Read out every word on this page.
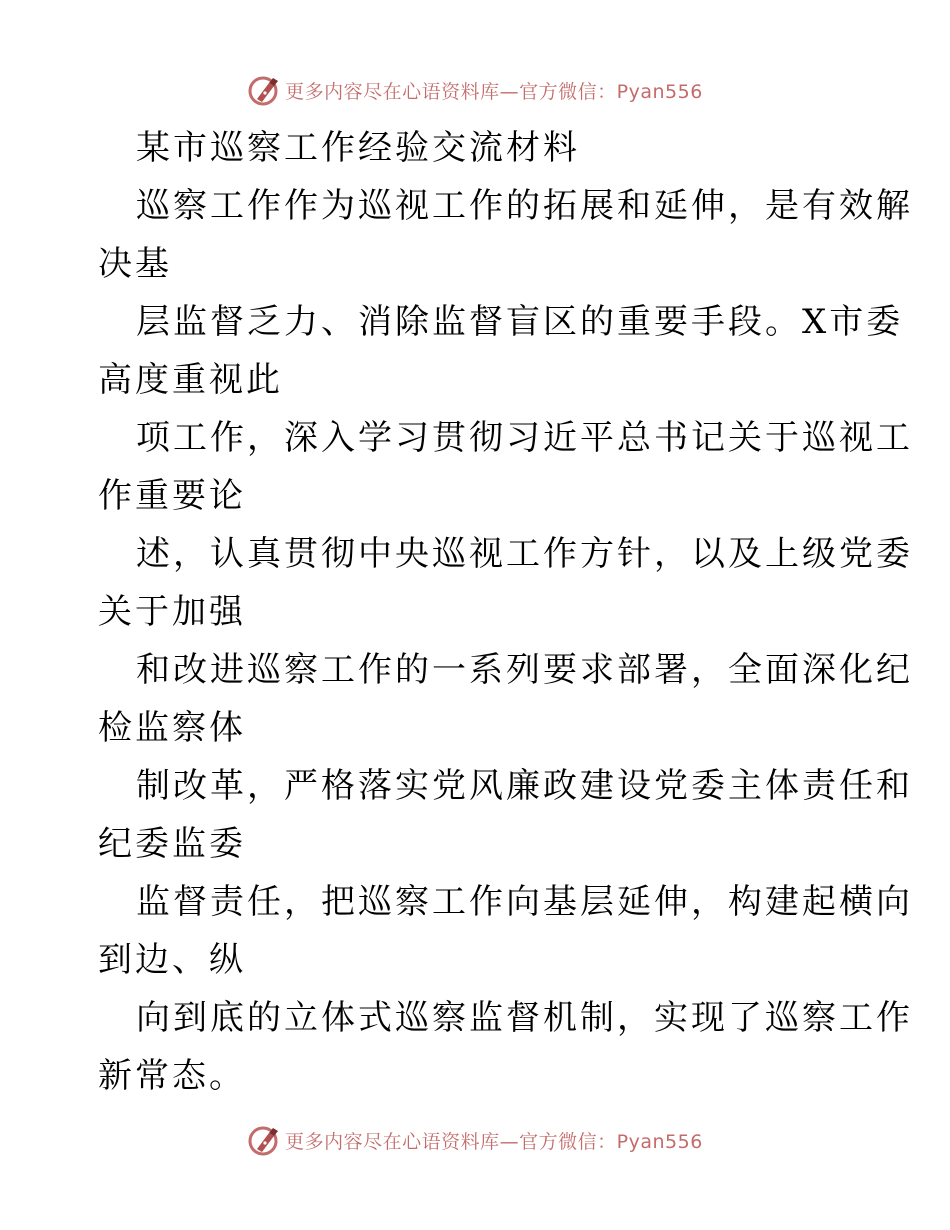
更多内容尽在心语资料库—官方微信：Pyan556
某市巡察工作经验交流材料
巡察工作作为巡视工作的拓展和延伸，是有效解
决基
层监督乏力、消除监督盲区的重要手段。X市委
高度重视此
项工作，深入学习贯彻习近平总书记关于巡视工
作重要论
述，认真贯彻中央巡视工作方针，以及上级党委
关于加强
和改进巡察工作的一系列要求部署，全面深化纪
检监察体
制改革，严格落实党风廉政建设党委主体责任和
纪委监委
监督责任，把巡察工作向基层延伸，构建起横向
到边、纵
向到底的立体式巡察监督机制，实现了巡察工作
新常态。
更多内容尽在心语资料库—官方微信：Pyan556
